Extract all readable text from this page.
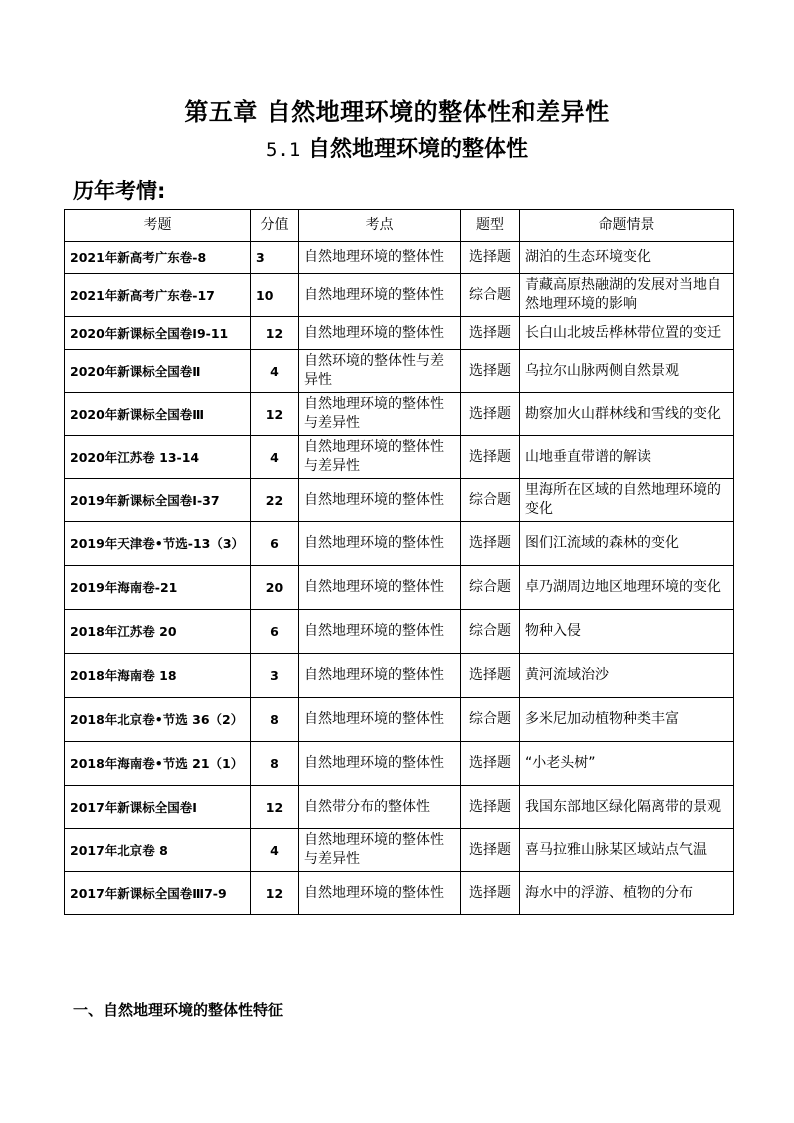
第五章 自然地理环境的整体性和差异性
5.1 自然地理环境的整体性
历年考情:
考题	分值	考点	题型	命题情景
2021年新高考广东卷-8	3	自然地理环境的整体性	选择题	湖泊的生态环境变化
2021年新高考广东卷-17	10	自然地理环境的整体性	综合题	青藏高原热融湖的发展对当地自然地理环境的影响
2020年新课标全国卷Ⅰ9-11	12	自然地理环境的整体性	选择题	长白山北坡岳桦林带位置的变迁
2020年新课标全国卷Ⅱ	4	自然环境的整体性与差异性	选择题	乌拉尔山脉两侧自然景观
2020年新课标全国卷Ⅲ	12	自然地理环境的整体性与差异性	选择题	勘察加火山群林线和雪线的变化
2020年江苏卷 13-14	4	自然地理环境的整体性与差异性	选择题	山地垂直带谱的解读
2019年新课标全国卷Ⅰ-37	22	自然地理环境的整体性	综合题	里海所在区域的自然地理环境的变化
2019年天津卷•节选-13（3）	6	自然地理环境的整体性	选择题	图们江流域的森林的变化
2019年海南卷-21	20	自然地理环境的整体性	综合题	卓乃湖周边地区地理环境的变化
2018年江苏卷 20	6	自然地理环境的整体性	综合题	物种入侵
2018年海南卷 18	3	自然地理环境的整体性	选择题	黄河流域治沙
2018年北京卷•节选 36（2）	8	自然地理环境的整体性	综合题	多米尼加动植物种类丰富
2018年海南卷•节选 21（1）	8	自然地理环境的整体性	选择题	“小老头树”
2017年新课标全国卷Ⅰ	12	自然带分布的整体性	选择题	我国东部地区绿化隔离带的景观
2017年北京卷 8	4	自然地理环境的整体性与差异性	选择题	喜马拉雅山脉某区域站点气温
2017年新课标全国卷Ⅲ7-9	12	自然地理环境的整体性	选择题	海水中的浮游、植物的分布
一、自然地理环境的整体性特征
